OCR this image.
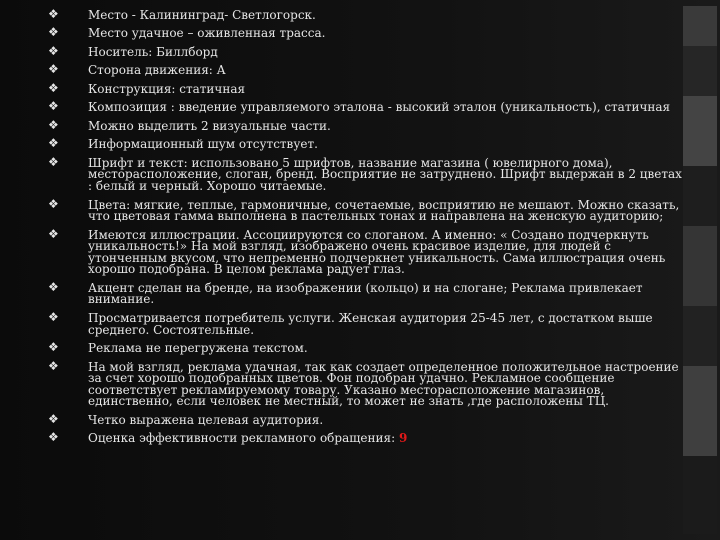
❖ Место - Калининград- Светлогорск.
❖ Место удачное – оживленная трасса.
❖ Носитель: Биллборд
❖ Сторона движения: А
❖ Конструкция: статичная
❖ Композиция : введение управляемого эталона - высокий эталон (уникальность), статичная
❖ Можно выделить 2 визуальные части.
❖ Информационный шум отсутствует.
❖ Шрифт и текст: использовано 5 шрифтов, название магазина ( ювелирного дома), месторасположение, слоган, бренд. Восприятие не затруднено. Шрифт выдержан в 2 цветах : белый и черный. Хорошо читаемые.
❖ Цвета: мягкие, теплые, гармоничные, сочетаемые, восприятию не мешают. Можно сказать, что цветовая гамма выполнена в пастельных тонах и направлена на женскую аудиторию;
❖ Имеются иллюстрации. Ассоциируются со слоганом. А именно: « Создано подчеркнуть уникальность!» На мой взгляд, изображено очень красивое изделие, для людей с утонченным вкусом, что непременно подчеркнет уникальность. Сама иллюстрация очень хорошо подобрана. В целом реклама радует глаз.
❖ Акцент сделан на бренде, на изображении (кольцо) и на слогане; Реклама привлекает внимание.
❖ Просматривается потребитель услуги. Женская аудитория 25-45 лет, с достатком выше среднего. Состоятельные.
❖ Реклама не перегружена текстом.
❖ На мой взгляд, реклама удачная, так как создает определенное положительное настроение за счет хорошо подобранных цветов. Фон подобран удачно. Рекламное сообщение соответствует рекламируемому товару. Указано месторасположение магазинов, единственно, если человек не местный, то может не знать ,где расположены ТЦ.
❖ Четко выражена целевая аудитория.
❖ Оценка эффективности рекламного обращения: 9
